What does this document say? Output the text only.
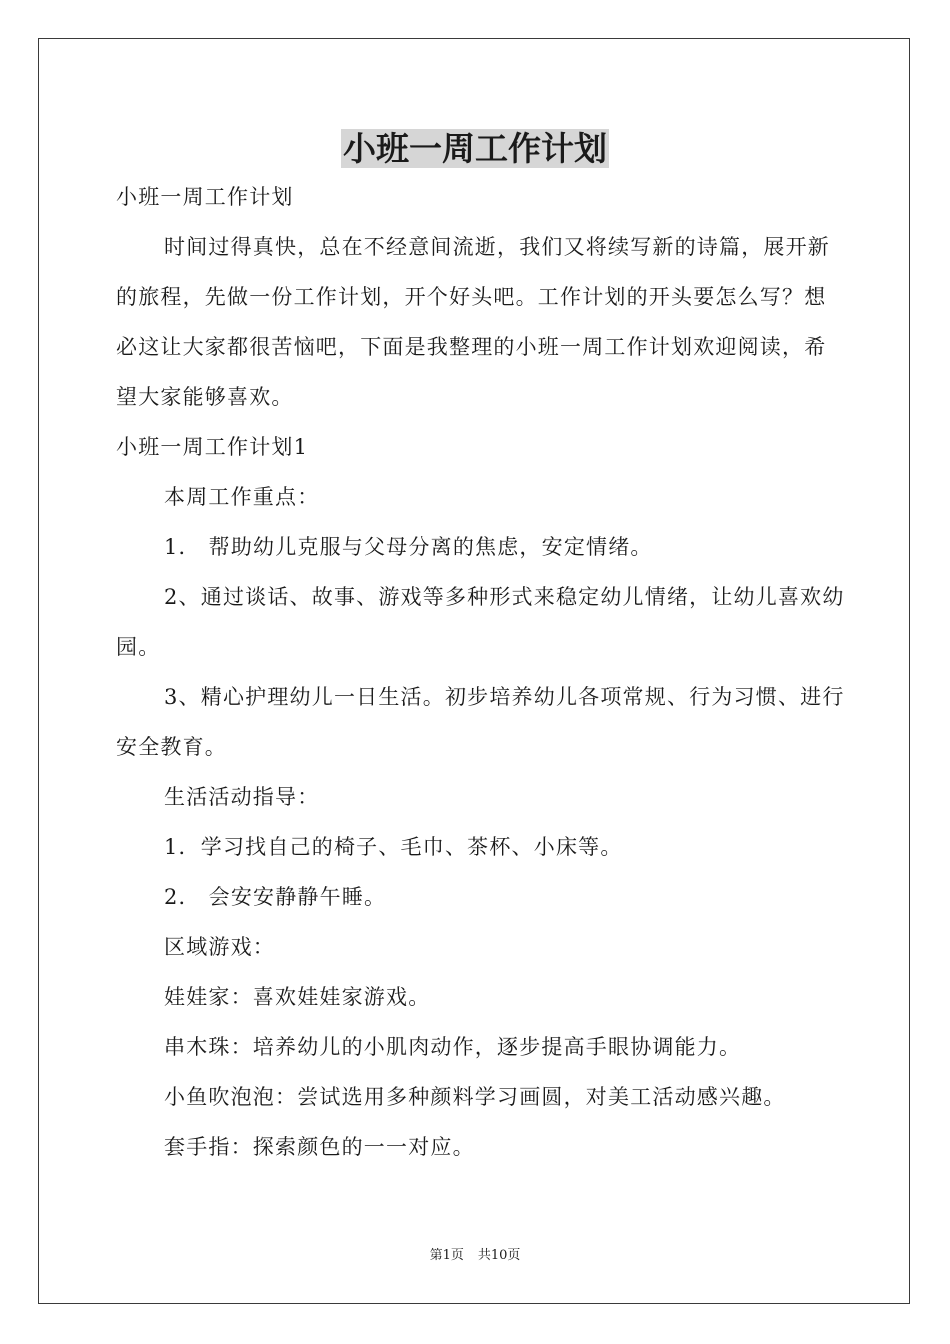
小班一周工作计划

小班一周工作计划

时间过得真快，总在不经意间流逝，我们又将续写新的诗篇，展开新的旅程，先做一份工作计划，开个好头吧。工作计划的开头要怎么写？想必这让大家都很苦恼吧，下面是我整理的小班一周工作计划欢迎阅读，希望大家能够喜欢。

小班一周工作计划1

本周工作重点：

1． 帮助幼儿克服与父母分离的焦虑，安定情绪。

2、通过谈话、故事、游戏等多种形式来稳定幼儿情绪，让幼儿喜欢幼园。

3、精心护理幼儿一日生活。初步培养幼儿各项常规、行为习惯、进行安全教育。

生活活动指导：

1．学习找自己的椅子、毛巾、茶杯、小床等。

2． 会安安静静午睡。

区域游戏：

娃娃家：喜欢娃娃家游戏。

串木珠：培养幼儿的小肌肉动作，逐步提高手眼协调能力。

小鱼吹泡泡：尝试选用多种颜料学习画圆，对美工活动感兴趣。

套手指：探索颜色的一一对应。

第1页 共10页
